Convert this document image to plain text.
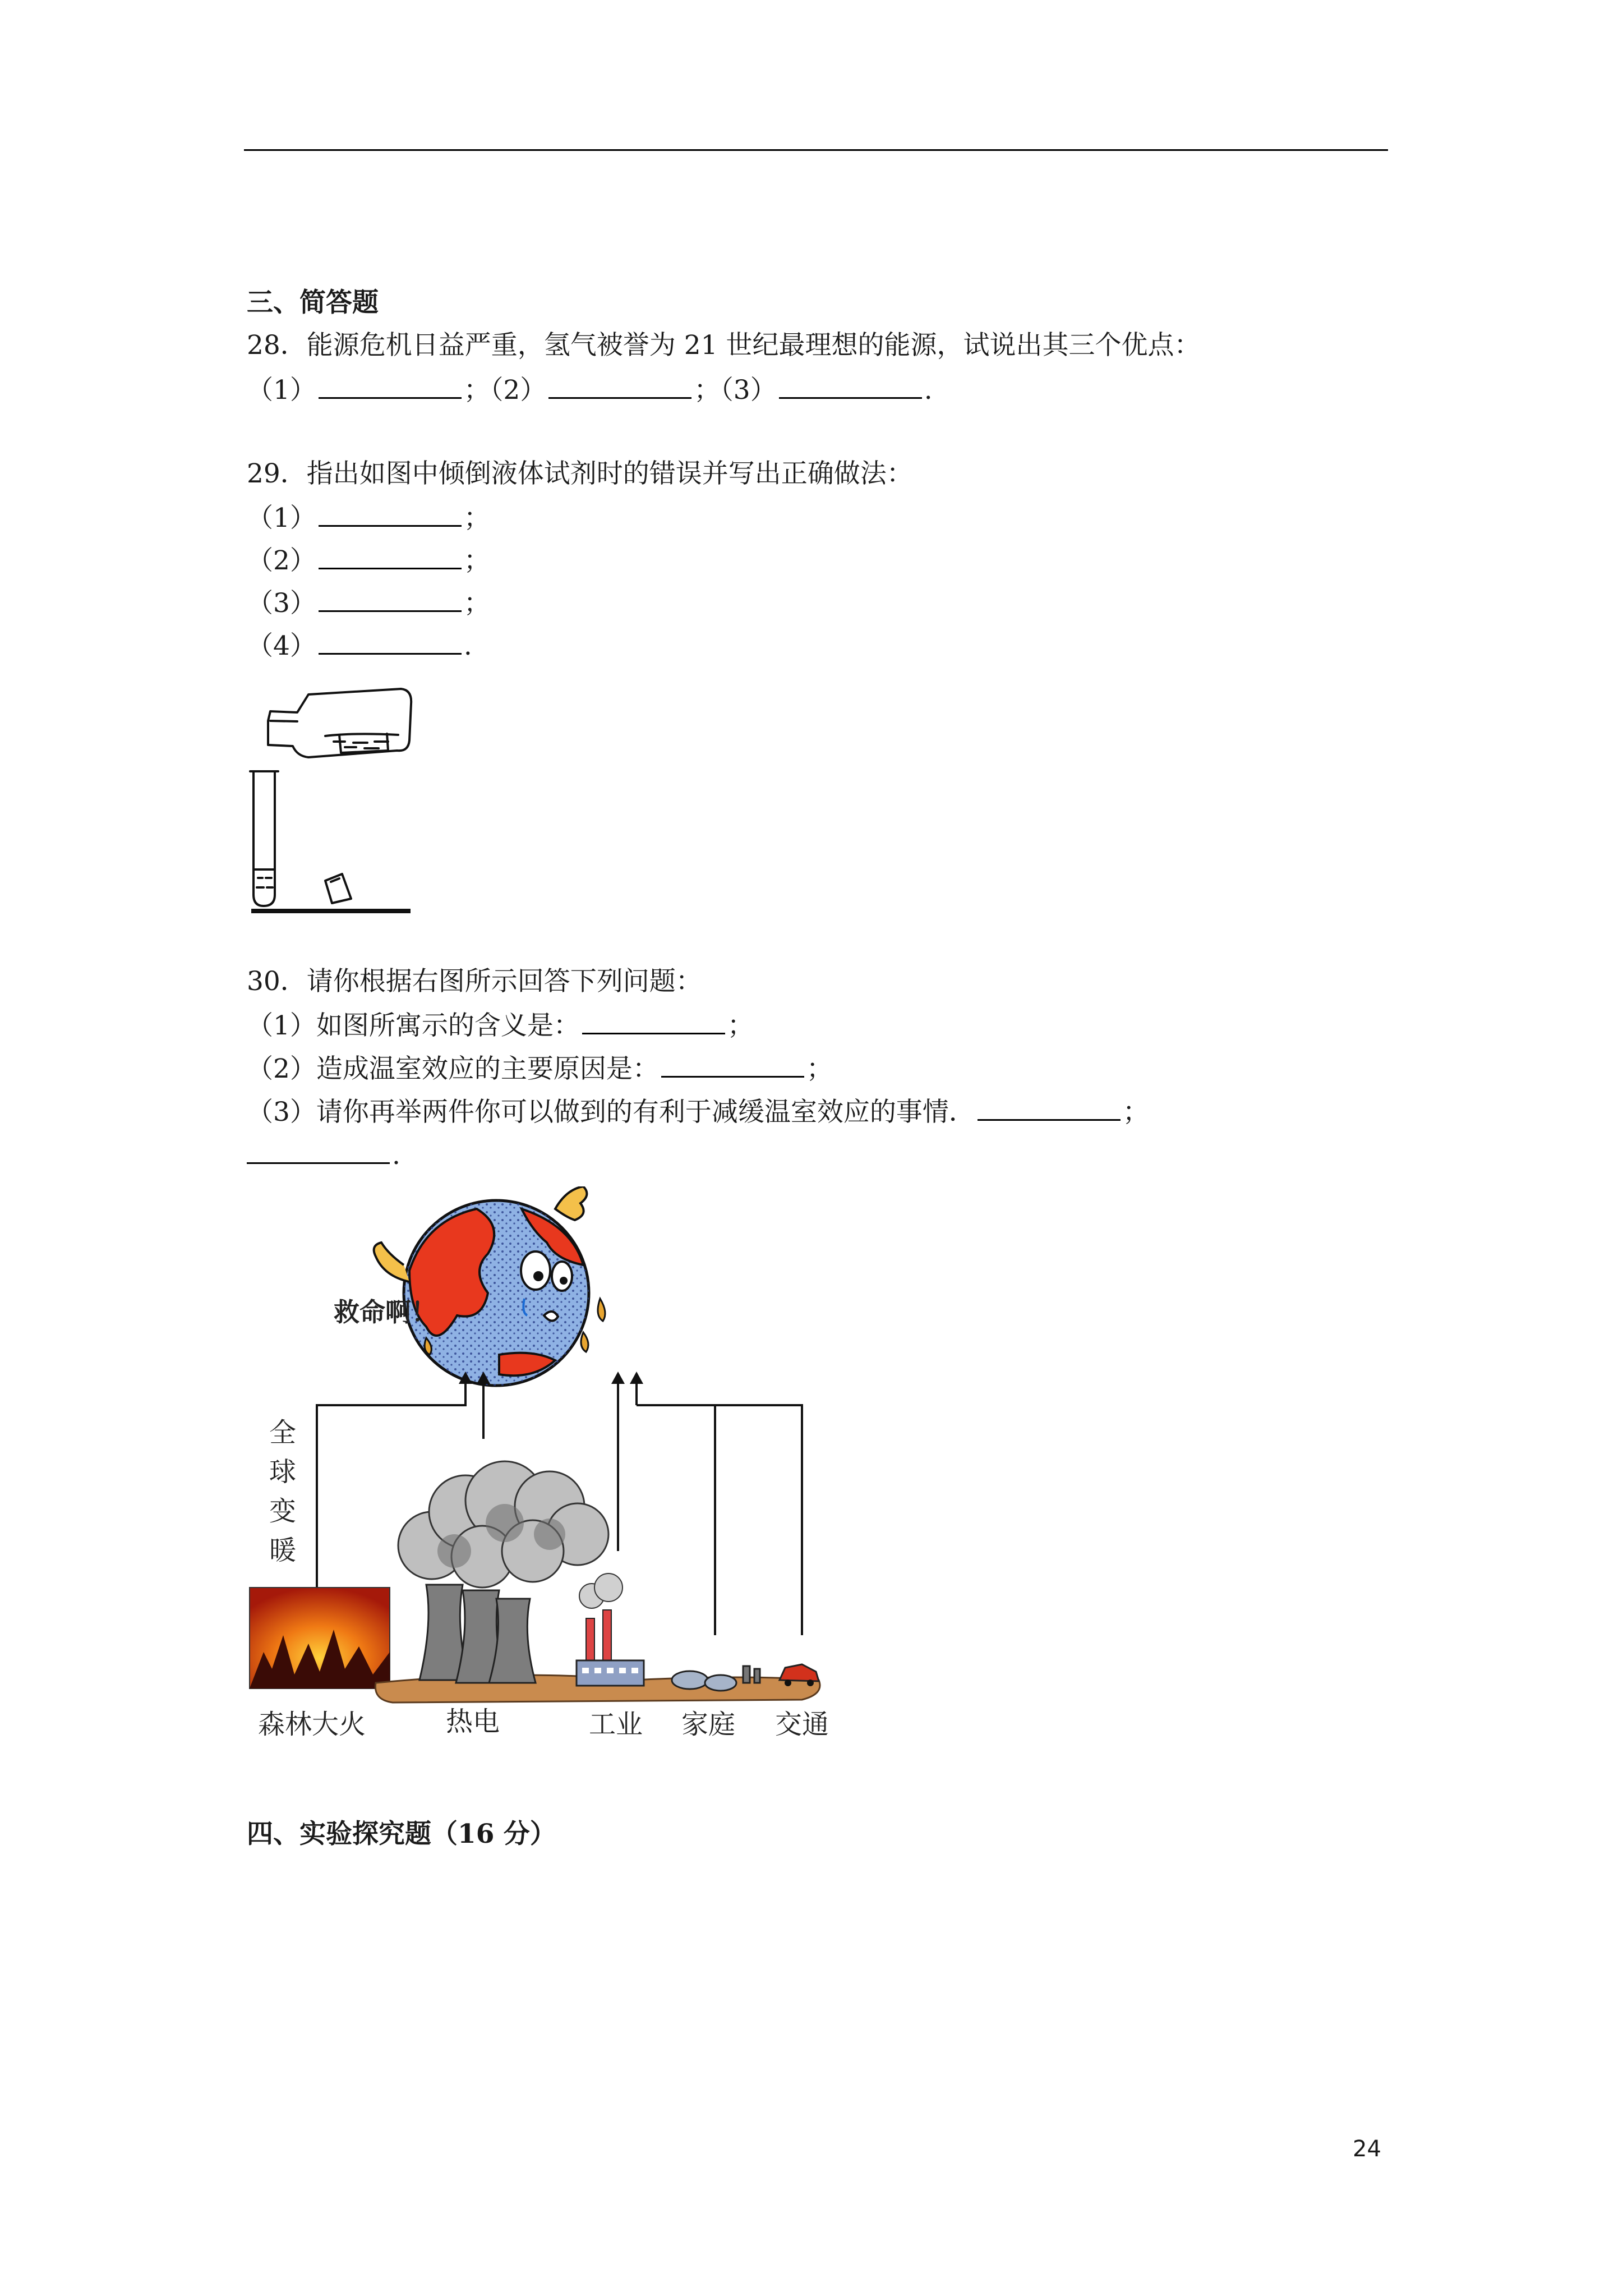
三、简答题
28．能源危机日益严重，氢气被誉为 21 世纪最理想的能源，试说出其三个优点：
（1）	；（2）	；（3）	.
29．指出如图中倾倒液体试剂时的错误并写出正确做法：
（1）	；
（2）	；
（3）	；
（4）	.
30．请你根据右图所示回答下列问题：
（1）如图所寓示的含义是：	；
（2）造成温室效应的主要原因是：	；
（3）请你再举两件你可以做到的有利于减缓温室效应的事情．	；
.
救命啊！
全
球
变
暖
森林大火	热电	工业 家庭 交通
四、实验探究题（16 分）
24
